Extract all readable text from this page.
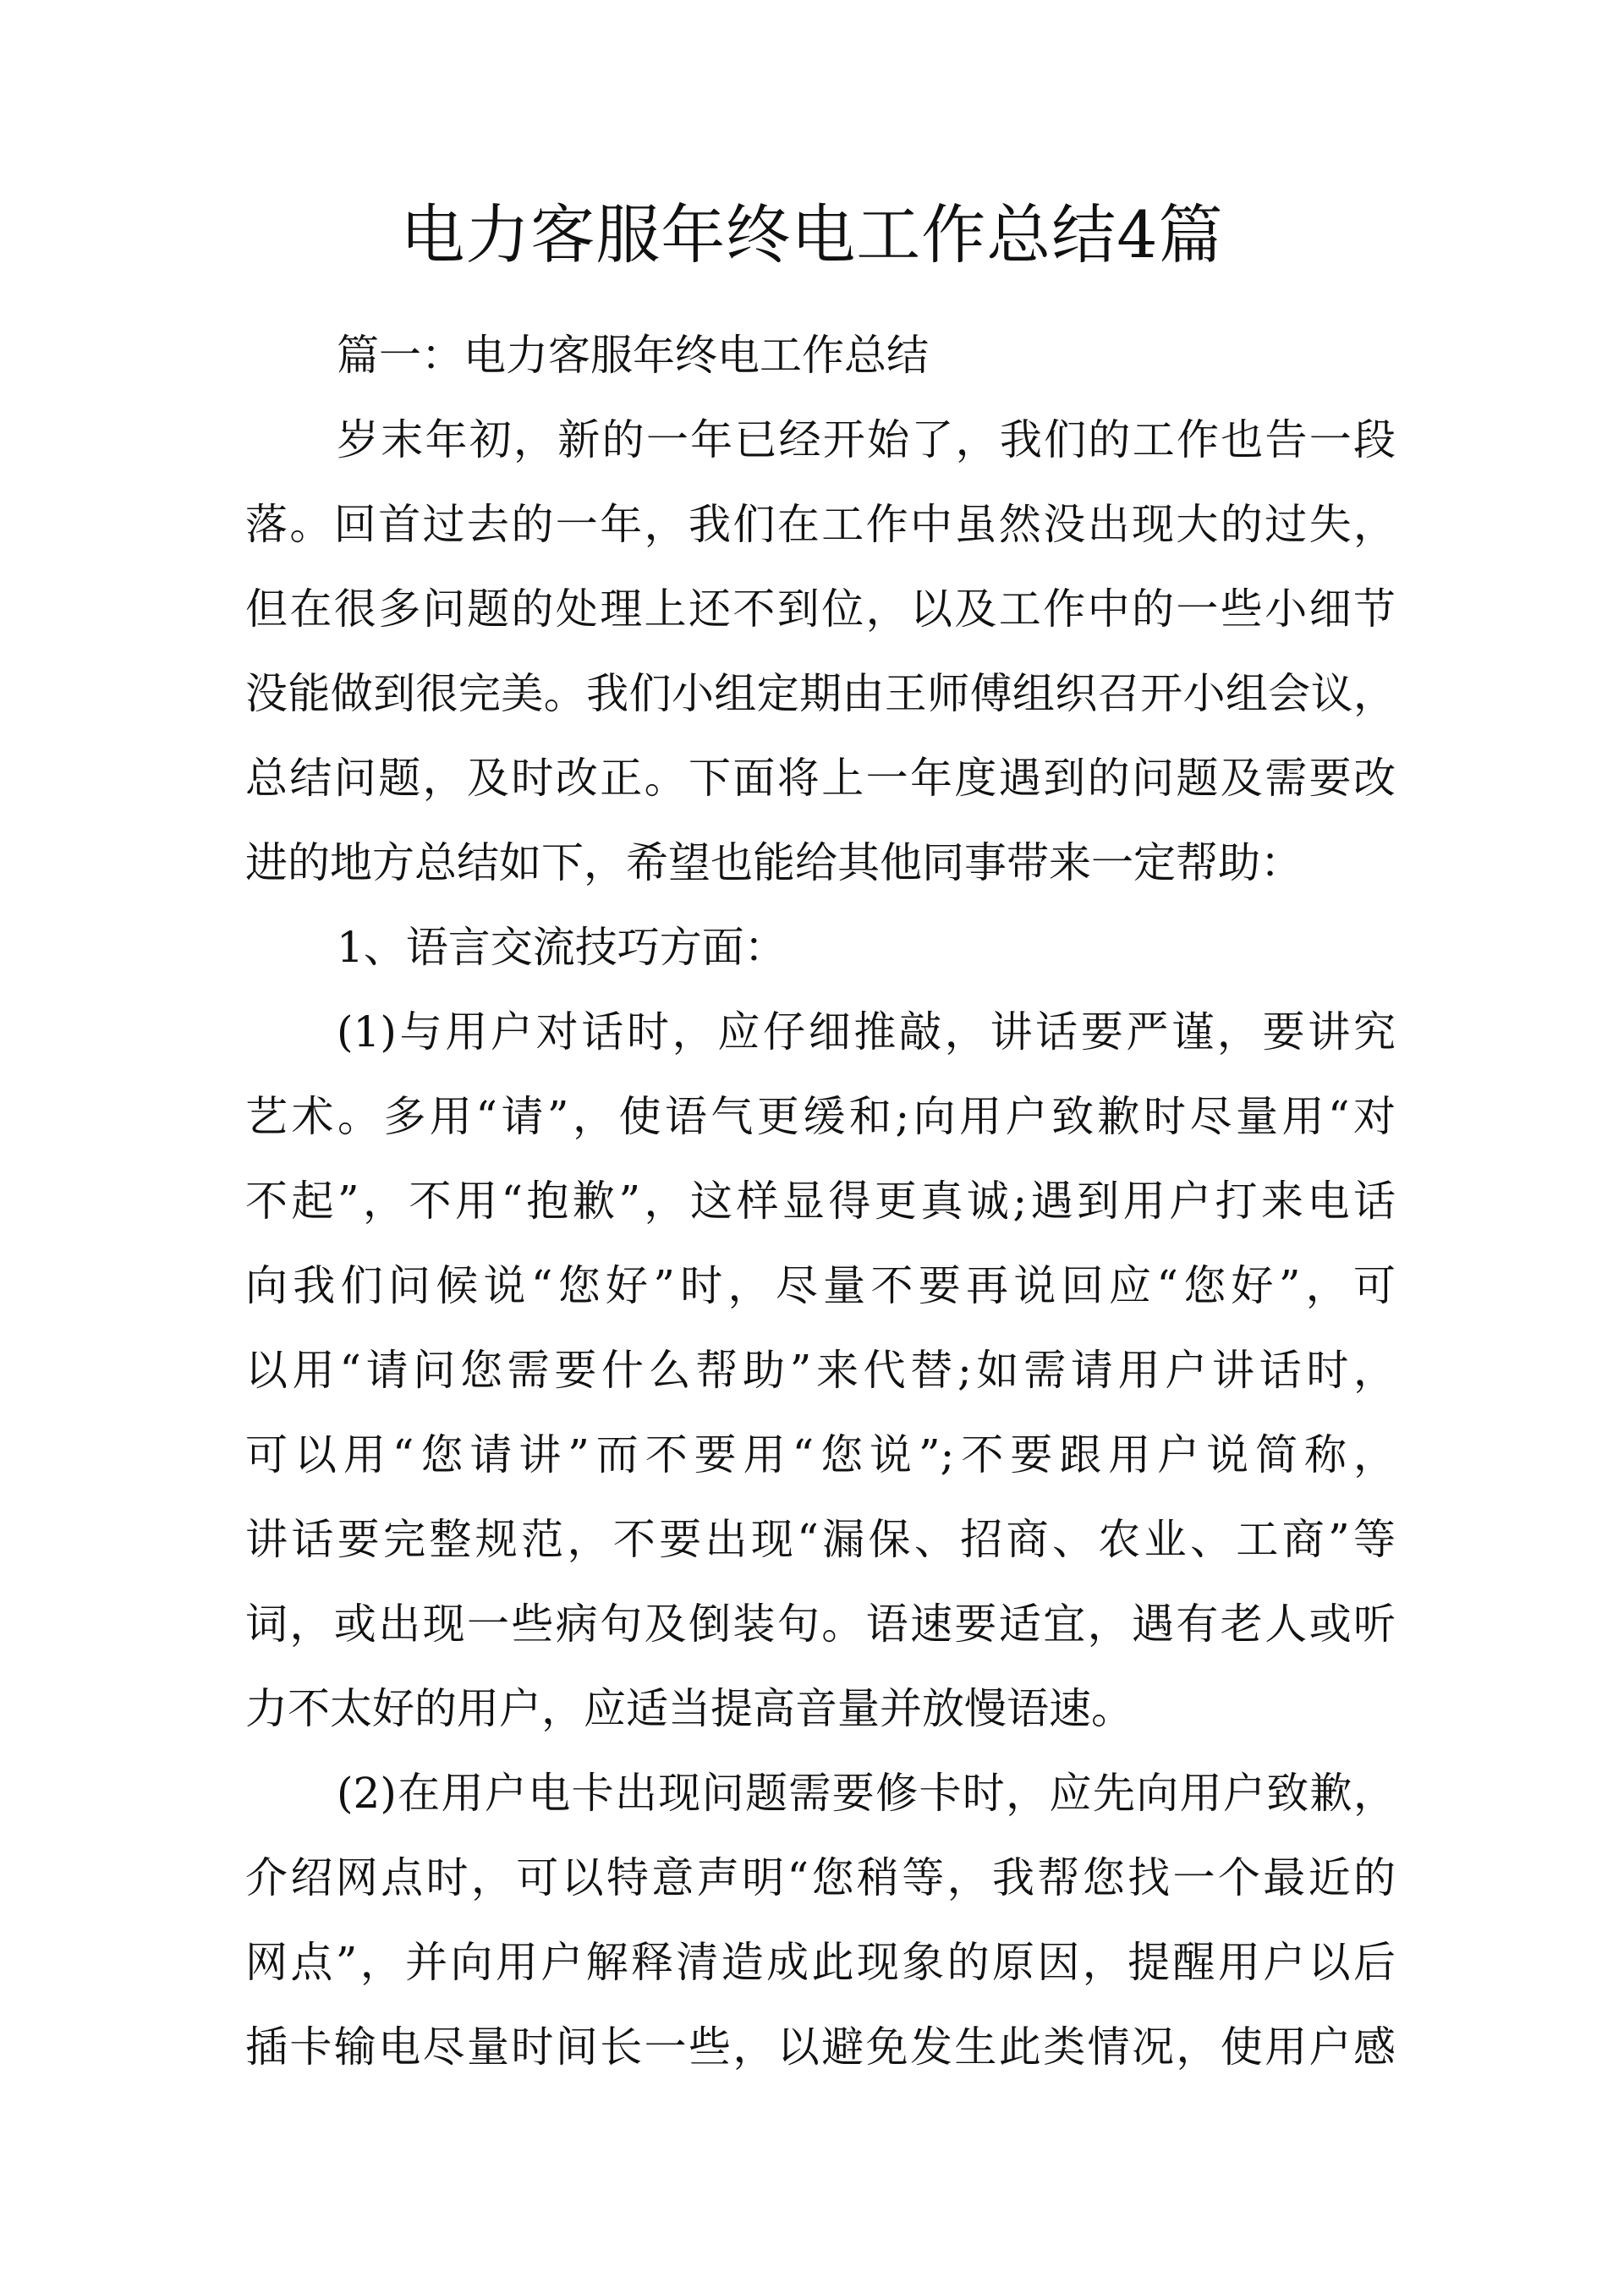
电力客服年终电工作总结4篇
篇一：电力客服年终电工作总结
岁末年初，新的一年已经开始了，我们的工作也告一段
落。回首过去的一年，我们在工作中虽然没出现大的过失，
但在很多问题的处理上还不到位，以及工作中的一些小细节
没能做到很完美。我们小组定期由王师傅组织召开小组会议，
总结问题，及时改正。下面将上一年度遇到的问题及需要改
进的地方总结如下，希望也能给其他同事带来一定帮助：
1、语言交流技巧方面：
(1)与用户对话时，应仔细推敲，讲话要严谨，要讲究
艺术。多用“请”，使语气更缓和;向用户致歉时尽量用“对
不起”，不用“抱歉”，这样显得更真诚;遇到用户打来电话
向我们问候说“您好”时，尽量不要再说回应“您好”，可
以用“请问您需要什么帮助”来代替;如需请用户讲话时，
可以用“您请讲”而不要用“您说”;不要跟用户说简称，
讲话要完整规范，不要出现“漏保、招商、农业、工商”等
词，或出现一些病句及倒装句。语速要适宜，遇有老人或听
力不太好的用户，应适当提高音量并放慢语速。
(2)在用户电卡出现问题需要修卡时，应先向用户致歉，
介绍网点时，可以特意声明“您稍等，我帮您找一个最近的
网点”，并向用户解释清造成此现象的原因，提醒用户以后
插卡输电尽量时间长一些，以避免发生此类情况，使用户感
